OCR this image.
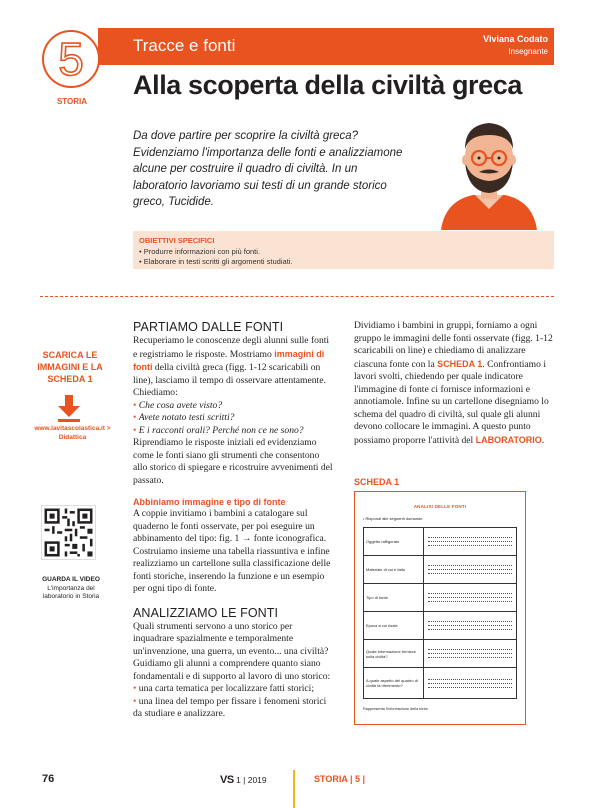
Tracce e fonti	Viviana Codato
Insegnante
5
STORIA
Alla scoperta della civiltà greca
Da dove partire per scoprire la civiltà greca? Evidenziamo l'importanza delle fonti e analizziamone alcune per costruire il quadro di civiltà. In un laboratorio lavoriamo sui testi di un grande storico greco, Tucidide.
OBIETTIVI SPECIFICI
• Produrre informazioni con più fonti.
• Elaborare in testi scritti gli argomenti studiati.
SCARICA LE IMMAGINI E LA SCHEDA 1
www.lavitascolastica.it > Didattica
GUARDA IL VIDEO
L'importanza del laboratorio in Storia
PARTIAMO DALLE FONTI
Recuperiamo le conoscenze degli alunni sulle fonti e registriamo le risposte. Mostriamo immagini di fonti della civiltà greca (figg. 1-12 scaricabili on line), lasciamo il tempo di osservare attentamente. Chiediamo:
• Che cosa avete visto?
• Avete notato testi scritti?
• E i racconti orali? Perché non ce ne sono?
Riprendiamo le risposte iniziali ed evidenziamo come le fonti siano gli strumenti che consentono allo storico di spiegare e ricostruire avvenimenti del passato.
Abbiniamo immagine e tipo di fonte
A coppie invitiamo i bambini a catalogare sul quaderno le fonti osservate, per poi eseguire un abbinamento del tipo: fig. 1 → fonte iconografica. Costruiamo insieme una tabella riassuntiva e infine realizziamo un cartellone sulla classificazione delle fonti storiche, inserendo la funzione e un esempio per ogni tipo di fonte.
ANALIZZIAMO LE FONTI
Quali strumenti servono a uno storico per inquadrare spazialmente e temporalmente un'invenzione, una guerra, un evento... una civiltà? Guidiamo gli alunni a comprendere quanto siano fondamentali e di supporto al lavoro di uno storico:
• una carta tematica per localizzare fatti storici;
• una linea del tempo per fissare i fenomeni storici da studiare e analizzare.
Dividiamo i bambini in gruppi, forniamo a ogni gruppo le immagini delle fonti osservate (figg. 1-12 scaricabili on line) e chiediamo di analizzare ciascuna fonte con la SCHEDA 1. Confrontiamo i lavori svolti, chiedendo per quale indicatore l'immagine di fonte ci fornisce informazioni e annotiamole. Infine su un cartellone disegniamo lo schema del quadro di civiltà, sul quale gli alunni devono collocare le immagini. A questo punto possiamo proporre l'attività del LABORATORIO.
SCHEDA 1
ANALISI DELLE FONTI
• Rispondi alle seguenti domande.
Oggetto raffigurato
Materiale di cui è fatto
Tipo di fonte
Epoca a cui risale
Quale informazione fornisce sulla civiltà?
A quale aspetto del quadro di civiltà fa riferimento?
Rappresenta l'informazione della fonte.
76	VS 1 | 2019	STORIA | 5 |
